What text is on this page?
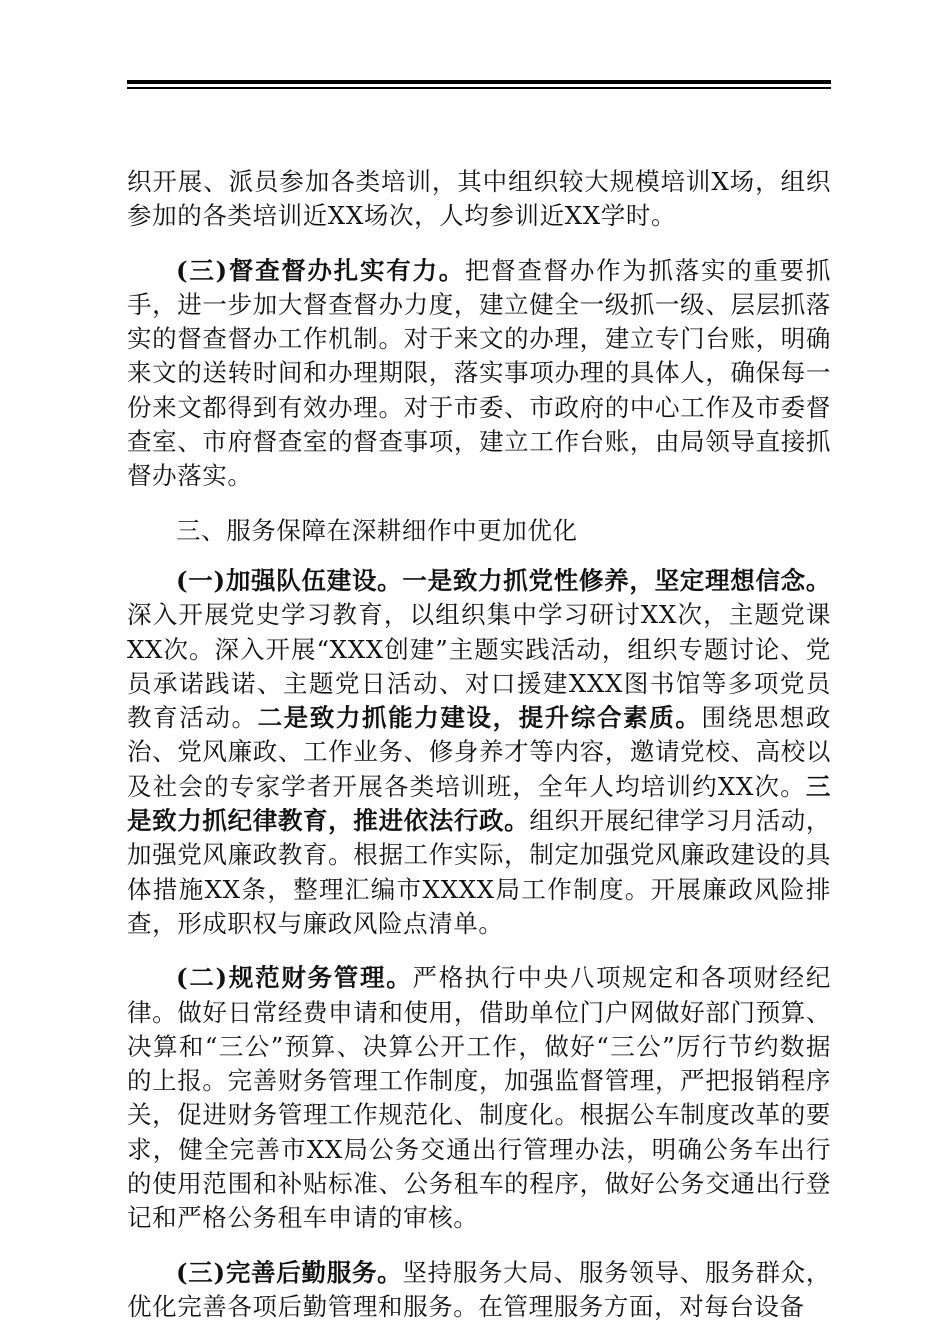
织开展、派员参加各类培训，其中组织较大规模培训X场，组织参加的各类培训近XX场次，人均参训近XX学时。

(三)督查督办扎实有力。把督查督办作为抓落实的重要抓手，进一步加大督查督办力度，建立健全一级抓一级、层层抓落实的督查督办工作机制。对于来文的办理，建立专门台账，明确来文的送转时间和办理期限，落实事项办理的具体人，确保每一份来文都得到有效办理。对于市委、市政府的中心工作及市委督查室、市府督查室的督查事项，建立工作台账，由局领导直接抓督办落实。

三、服务保障在深耕细作中更加优化

(一)加强队伍建设。一是致力抓党性修养，坚定理想信念。深入开展党史学习教育，以组织集中学习研讨XX次，主题党课XX次。深入开展“XXX创建”主题实践活动，组织专题讨论、党员承诺践诺、主题党日活动、对口援建XXX图书馆等多项党员教育活动。二是致力抓能力建设，提升综合素质。围绕思想政治、党风廉政、工作业务、修身养才等内容，邀请党校、高校以及社会的专家学者开展各类培训班，全年人均培训约XX次。三是致力抓纪律教育，推进依法行政。组织开展纪律学习月活动，加强党风廉政教育。根据工作实际，制定加强党风廉政建设的具体措施XX条，整理汇编市XXXX局工作制度。开展廉政风险排查，形成职权与廉政风险点清单。

(二)规范财务管理。严格执行中央八项规定和各项财经纪律。做好日常经费申请和使用，借助单位门户网做好部门预算、决算和“三公”预算、决算公开工作，做好“三公”厉行节约数据的上报。完善财务管理工作制度，加强监督管理，严把报销程序关，促进财务管理工作规范化、制度化。根据公车制度改革的要求，健全完善市XX局公务交通出行管理办法，明确公务车出行的使用范围和补贴标准、公务租车的程序，做好公务交通出行登记和严格公务租车申请的审核。

(三)完善后勤服务。坚持服务大局、服务领导、服务群众，优化完善各项后勤管理和服务。在管理服务方面，对每台设备
